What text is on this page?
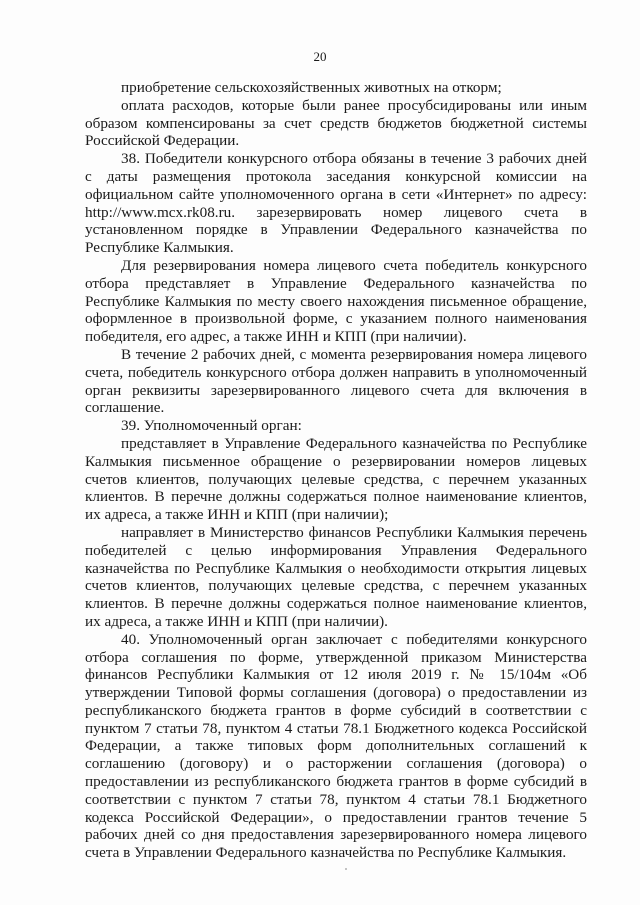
20

приобретение сельскохозяйственных животных на откорм;

оплата расходов, которые были ранее просубсидированы или иным образом компенсированы за счет средств бюджетов бюджетной системы Российской Федерации.

38. Победители конкурсного отбора обязаны в течение 3 рабочих дней с даты размещения протокола заседания конкурсной комиссии на официальном сайте уполномоченного органа в сети «Интернет» по адресу: http://www.mcx.rk08.ru. зарезервировать номер лицевого счета в установленном порядке в Управлении Федерального казначейства по Республике Калмыкия.

Для резервирования номера лицевого счета победитель конкурсного отбора представляет в Управление Федерального казначейства по Республике Калмыкия по месту своего нахождения письменное обращение, оформленное в произвольной форме, с указанием полного наименования победителя, его адрес, а также ИНН и КПП (при наличии).

В течение 2 рабочих дней, с момента резервирования номера лицевого счета, победитель конкурсного отбора должен направить в уполномоченный орган реквизиты зарезервированного лицевого счета для включения в соглашение.

39. Уполномоченный орган:

представляет в Управление Федерального казначейства по Республике Калмыкия письменное обращение о резервировании номеров лицевых счетов клиентов, получающих целевые средства, с перечнем указанных клиентов. В перечне должны содержаться полное наименование клиентов, их адреса, а также ИНН и КПП (при наличии);

направляет в Министерство финансов Республики Калмыкия перечень победителей с целью информирования Управления Федерального казначейства по Республике Калмыкия о необходимости открытия лицевых счетов клиентов, получающих целевые средства, с перечнем указанных клиентов. В перечне должны содержаться полное наименование клиентов, их адреса, а также ИНН и КПП (при наличии).

40. Уполномоченный орган заключает с победителями конкурсного отбора соглашения по форме, утвержденной приказом Министерства финансов Республики Калмыкия от 12 июля 2019 г. № 15/104м «Об утверждении Типовой формы соглашения (договора) о предоставлении из республиканского бюджета грантов в форме субсидий в соответствии с пунктом 7 статьи 78, пунктом 4 статьи 78.1 Бюджетного кодекса Российской Федерации, а также типовых форм дополнительных соглашений к соглашению (договору) и о расторжении соглашения (договора) о предоставлении из республиканского бюджета грантов в форме субсидий в соответствии с пунктом 7 статьи 78, пунктом 4 статьи 78.1 Бюджетного кодекса Российской Федерации», о предоставлении грантов течение 5 рабочих дней со дня предоставления зарезервированного номера лицевого счета в Управлении Федерального казначейства по Республике Калмыкия.
